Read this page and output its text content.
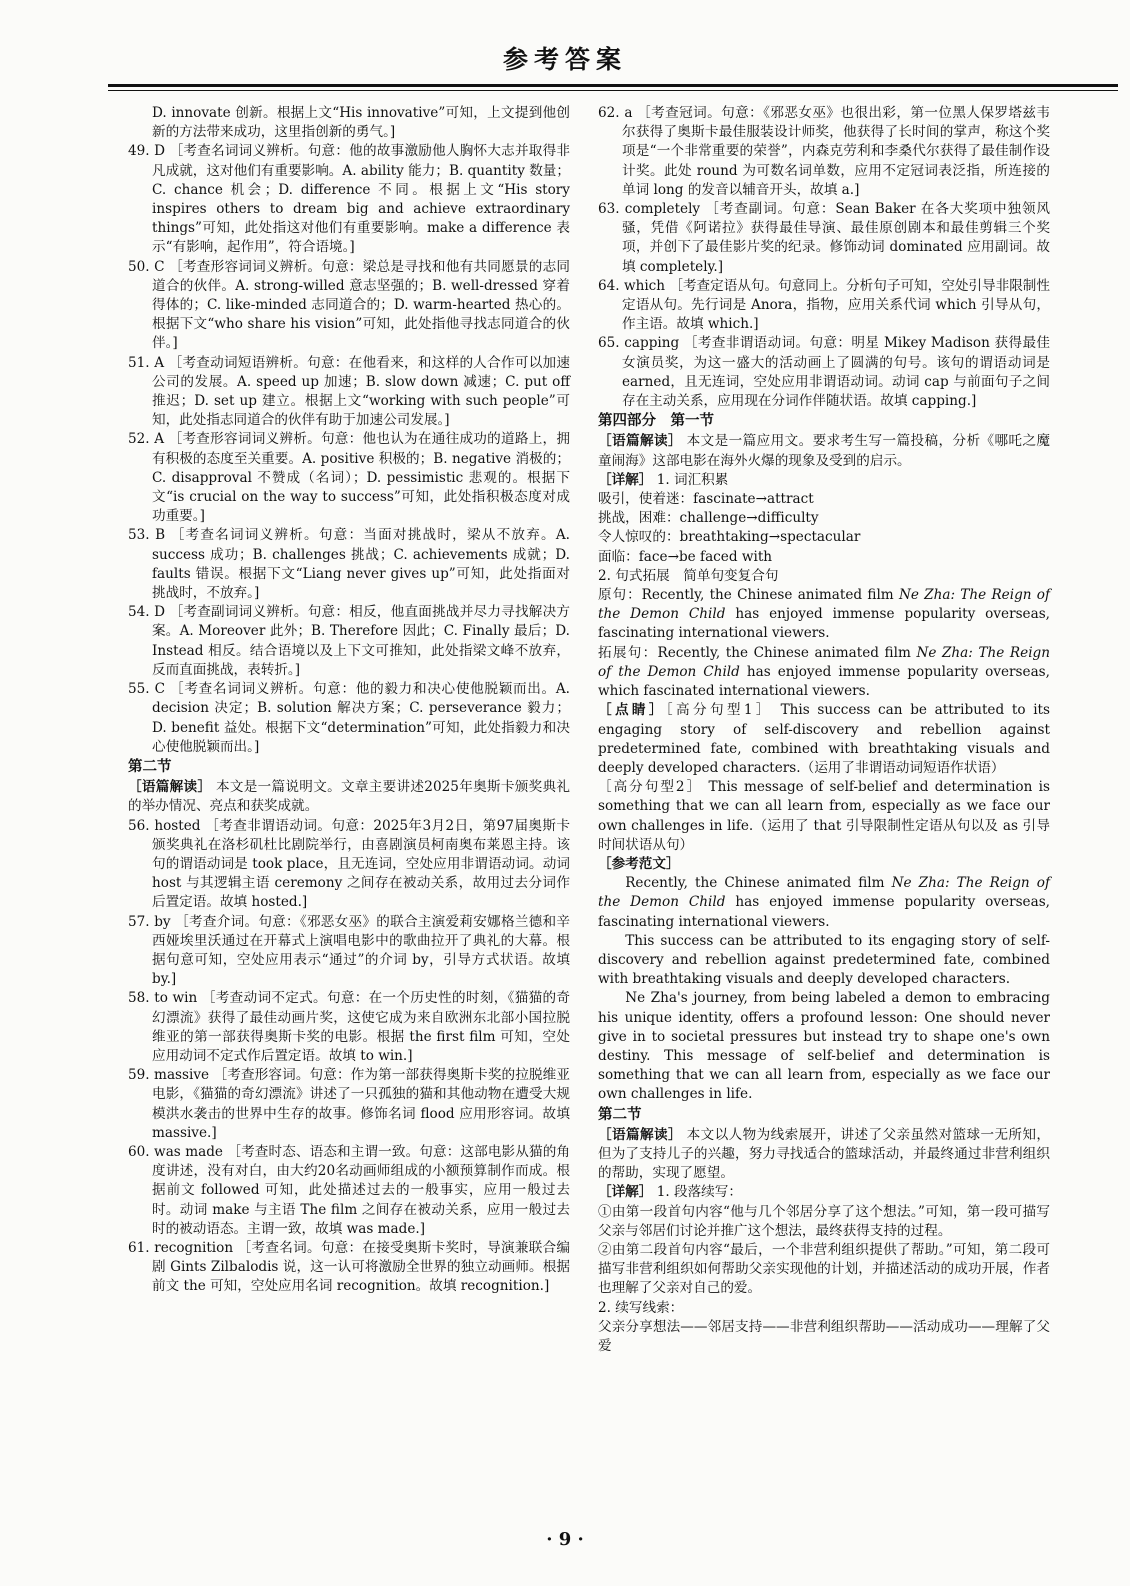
参考答案

D. innovate 创新。根据上文“His innovative”可知，上文提到他创新的方法带来成功，这里指创新的勇气。]

49. D ［考查名词词义辨析。句意：他的故事激励他人胸怀大志并取得非凡成就，这对他们有重要影响。A. ability 能力；B. quantity 数量；C. chance 机会；D. difference 不同。根据上文“His story inspires others to dream big and achieve extraordinary things”可知，此处指这对他们有重要影响。make a difference 表示“有影响，起作用”，符合语境。]

50. C ［考查形容词词义辨析。句意：梁总是寻找和他有共同愿景的志同道合的伙伴。A. strong-willed 意志坚强的；B. well-dressed 穿着得体的；C. like-minded 志同道合的；D. warm-hearted 热心的。根据下文“who share his vision”可知，此处指他寻找志同道合的伙伴。]

51. A ［考查动词短语辨析。句意：在他看来，和这样的人合作可以加速公司的发展。A. speed up 加速；B. slow down 减速；C. put off 推迟；D. set up 建立。根据上文“working with such people”可知，此处指志同道合的伙伴有助于加速公司发展。]

52. A ［考查形容词词义辨析。句意：他也认为在通往成功的道路上，拥有积极的态度至关重要。A. positive 积极的；B. negative 消极的；C. disapproval 不赞成（名词）；D. pessimistic 悲观的。根据下文“is crucial on the way to success”可知，此处指积极态度对成功重要。]

53. B ［考查名词词义辨析。句意：当面对挑战时，梁从不放弃。A. success 成功；B. challenges 挑战；C. achievements 成就；D. faults 错误。根据下文“Liang never gives up”可知，此处指面对挑战时，不放弃。]

54. D ［考查副词词义辨析。句意：相反，他直面挑战并尽力寻找解决方案。A. Moreover 此外；B. Therefore 因此；C. Finally 最后；D. Instead 相反。结合语境以及上下文可推知，此处指梁文峰不放弃，反而直面挑战，表转折。]

55. C ［考查名词词义辨析。句意：他的毅力和决心使他脱颖而出。A. decision 决定；B. solution 解决方案；C. perseverance 毅力；D. benefit 益处。根据下文“determination”可知，此处指毅力和决心使他脱颖而出。]

第二节

［语篇解读］ 本文是一篇说明文。文章主要讲述2025年奥斯卡颁奖典礼的举办情况、亮点和获奖成就。

56. hosted ［考查非谓语动词。句意：2025年3月2日，第97届奥斯卡颁奖典礼在洛杉矶杜比剧院举行，由喜剧演员柯南奥布莱恩主持。该句的谓语动词是 took place，且无连词，空处应用非谓语动词。动词 host 与其逻辑主语 ceremony 之间存在被动关系，故用过去分词作后置定语。故填 hosted.]

57. by ［考查介词。句意：《邪恶女巫》的联合主演爱莉安娜格兰德和辛西娅埃里沃通过在开幕式上演唱电影中的歌曲拉开了典礼的大幕。根据句意可知，空处应用表示“通过”的介词 by，引导方式状语。故填 by.]

58. to win ［考查动词不定式。句意：在一个历史性的时刻，《猫猫的奇幻漂流》获得了最佳动画片奖，这使它成为来自欧洲东北部小国拉脱维亚的第一部获得奥斯卡奖的电影。根据 the first film 可知，空处应用动词不定式作后置定语。故填 to win.]

59. massive ［考查形容词。句意：作为第一部获得奥斯卡奖的拉脱维亚电影，《猫猫的奇幻漂流》讲述了一只孤独的猫和其他动物在遭受大规模洪水袭击的世界中生存的故事。修饰名词 flood 应用形容词。故填 massive.]

60. was made ［考查时态、语态和主谓一致。句意：这部电影从猫的角度讲述，没有对白，由大约20名动画师组成的小额预算制作而成。根据前文 followed 可知，此处描述过去的一般事实，应用一般过去时。动词 make 与主语 The film 之间存在被动关系，应用一般过去时的被动语态。主谓一致，故填 was made.]

61. recognition ［考查名词。句意：在接受奥斯卡奖时，导演兼联合编剧 Gints Zilbalodis 说，这一认可将激励全世界的独立动画师。根据前文 the 可知，空处应用名词 recognition。故填 recognition.]

62. a ［考查冠词。句意：《邪恶女巫》也很出彩，第一位黑人保罗塔兹韦尔获得了奥斯卡最佳服装设计师奖，他获得了长时间的掌声，称这个奖项是“一个非常重要的荣誉”，内森克劳利和李桑代尔获得了最佳制作设计奖。此处 round 为可数名词单数，应用不定冠词表泛指，所连接的单词 long 的发音以辅音开头，故填 a.]

63. completely ［考查副词。句意：Sean Baker 在各大奖项中独领风骚，凭借《阿诺拉》获得最佳导演、最佳原创剧本和最佳剪辑三个奖项，并创下了最佳影片奖的纪录。修饰动词 dominated 应用副词。故填 completely.]

64. which ［考查定语从句。句意同上。分析句子可知，空处引导非限制性定语从句。先行词是 Anora，指物，应用关系代词 which 引导从句，作主语。故填 which.]

65. capping ［考查非谓语动词。句意：明星 Mikey Madison 获得最佳女演员奖，为这一盛大的活动画上了圆满的句号。该句的谓语动词是 earned，且无连词，空处应用非谓语动词。动词 cap 与前面句子之间存在主动关系，应用现在分词作伴随状语。故填 capping.]

第四部分　第一节

［语篇解读］ 本文是一篇应用文。要求考生写一篇投稿，分析《哪吒之魔童闹海》这部电影在海外火爆的现象及受到的启示。

［详解］ 1. 词汇积累

吸引，使着迷：fascinate→attract

挑战，困难：challenge→difficulty

令人惊叹的：breathtaking→spectacular

面临：face→be faced with

2. 句式拓展　简单句变复合句

原句：Recently, the Chinese animated film Ne Zha: The Reign of the Demon Child has enjoyed immense popularity overseas, fascinating international viewers.

拓展句：Recently, the Chinese animated film Ne Zha: The Reign of the Demon Child has enjoyed immense popularity overseas, which fascinated international viewers.

［点睛］［高分句型1］ This success can be attributed to its engaging story of self-discovery and rebellion against predetermined fate, combined with breathtaking visuals and deeply developed characters.（运用了非谓语动词短语作状语）

［高分句型2］ This message of self-belief and determination is something that we can all learn from, especially as we face our own challenges in life.（运用了 that 引导限制性定语从句以及 as 引导时间状语从句）

［参考范文］

Recently, the Chinese animated film Ne Zha: The Reign of the Demon Child has enjoyed immense popularity overseas, fascinating international viewers.

This success can be attributed to its engaging story of self-discovery and rebellion against predetermined fate, combined with breathtaking visuals and deeply developed characters.

Ne Zha's journey, from being labeled a demon to embracing his unique identity, offers a profound lesson: One should never give in to societal pressures but instead try to shape one's own destiny. This message of self-belief and determination is something that we can all learn from, especially as we face our own challenges in life.

第二节

［语篇解读］ 本文以人物为线索展开，讲述了父亲虽然对篮球一无所知，但为了支持儿子的兴趣，努力寻找适合的篮球活动，并最终通过非营利组织的帮助，实现了愿望。

［详解］ 1. 段落续写：

①由第一段首句内容“他与几个邻居分享了这个想法。”可知，第一段可描写父亲与邻居们讨论并推广这个想法，最终获得支持的过程。

②由第二段首句内容“最后，一个非营利组织提供了帮助。”可知，第二段可描写非营利组织如何帮助父亲实现他的计划，并描述活动的成功开展，作者也理解了父亲对自己的爱。

2. 续写线索：

父亲分享想法——邻居支持——非营利组织帮助——活动成功——理解了父爱

· 9 ·
